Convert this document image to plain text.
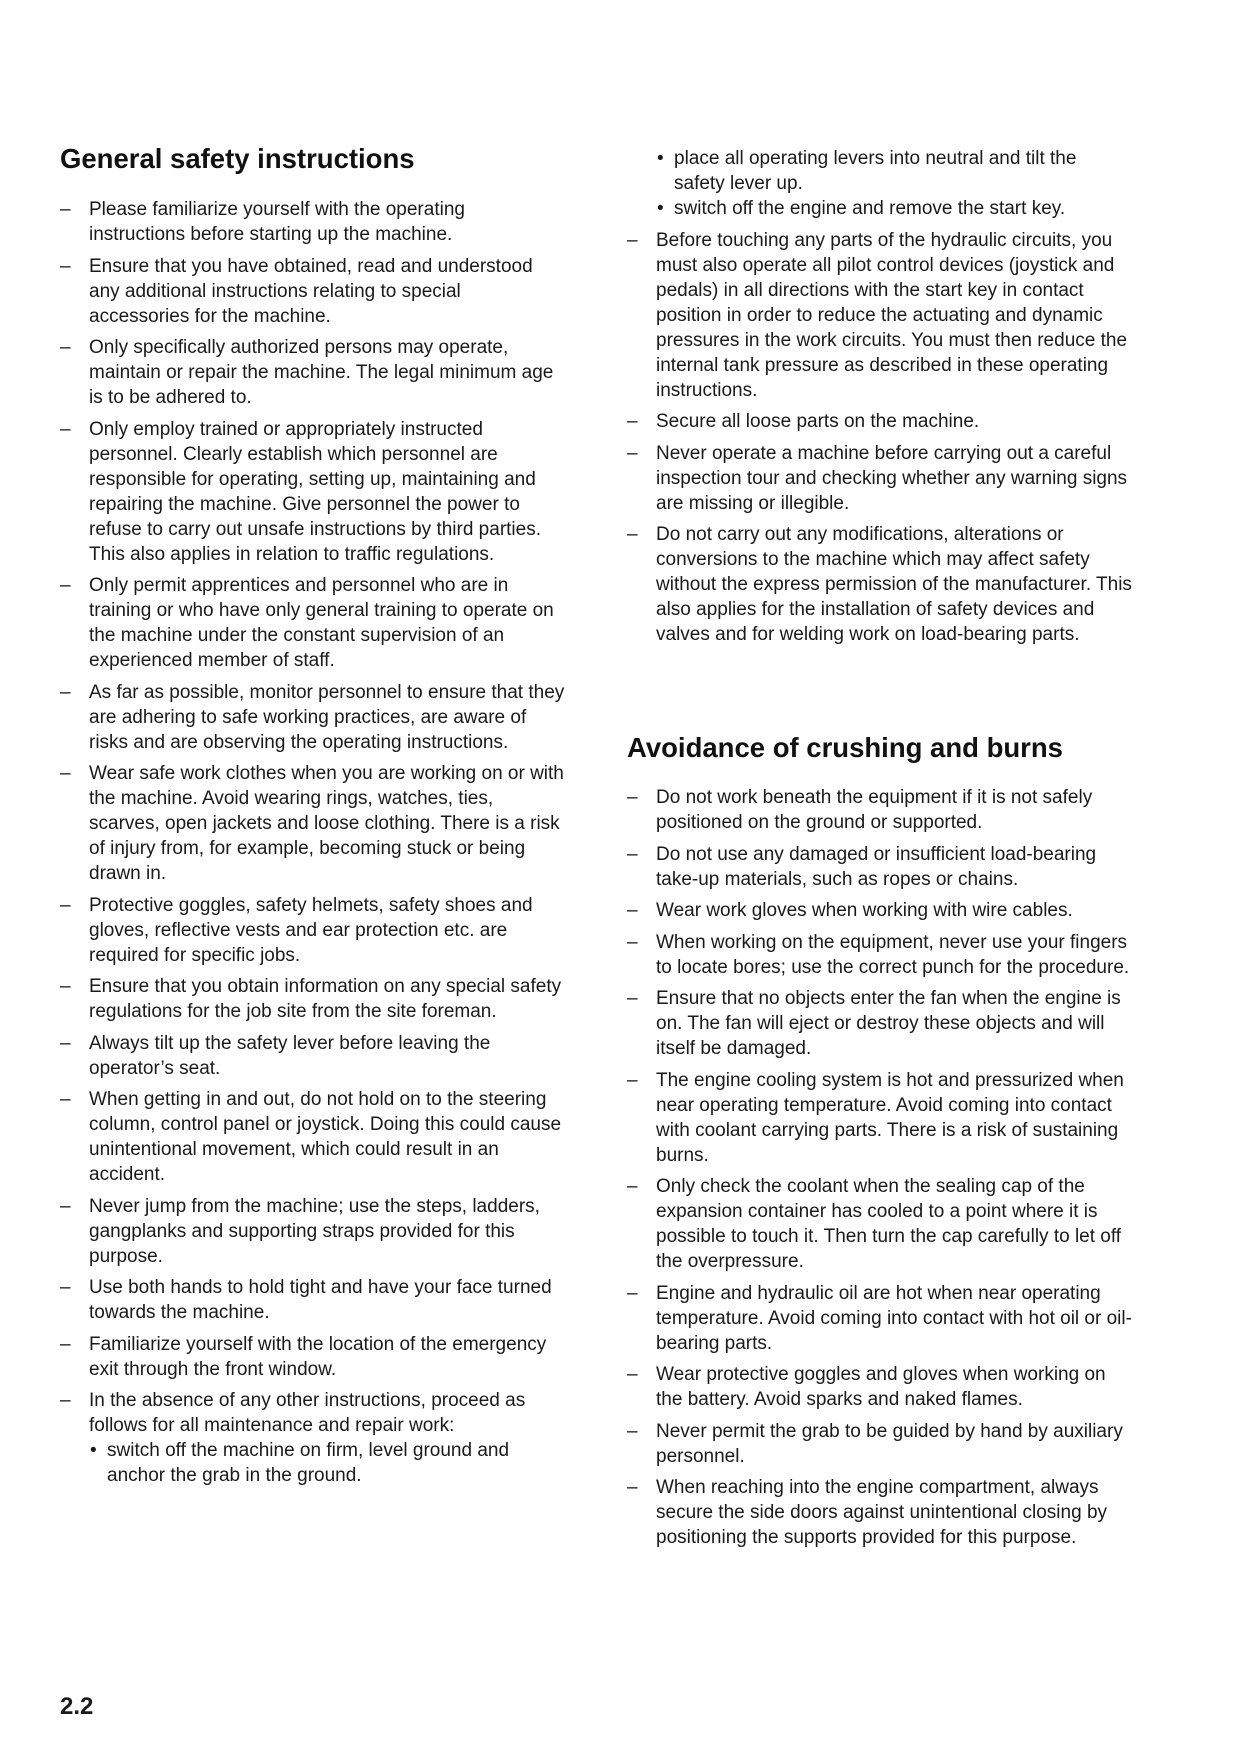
General safety instructions
– Please familiarize yourself with the operating instructions before starting up the machine.
– Ensure that you have obtained, read and understood any additional instructions relating to special accessories for the machine.
– Only specifically authorized persons may operate, maintain or repair the machine. The legal minimum age is to be adhered to.
– Only employ trained or appropriately instructed personnel. Clearly establish which personnel are responsible for operating, setting up, maintaining and repairing the machine. Give personnel the power to refuse to carry out unsafe instructions by third parties. This also applies in relation to traffic regulations.
– Only permit apprentices and personnel who are in training or who have only general training to operate on the machine under the constant supervision of an experienced member of staff.
– As far as possible, monitor personnel to ensure that they are adhering to safe working practices, are aware of risks and are observing the operating instructions.
– Wear safe work clothes when you are working on or with the machine. Avoid wearing rings, watches, ties, scarves, open jackets and loose clothing. There is a risk of injury from, for example, becoming stuck or being drawn in.
– Protective goggles, safety helmets, safety shoes and gloves, reflective vests and ear protection etc. are required for specific jobs.
– Ensure that you obtain information on any special safety regulations for the job site from the site foreman.
– Always tilt up the safety lever before leaving the operator’s seat.
– When getting in and out, do not hold on to the steering column, control panel or joystick. Doing this could cause unintentional movement, which could result in an accident.
– Never jump from the machine; use the steps, ladders, gangplanks and supporting straps provided for this purpose.
– Use both hands to hold tight and have your face turned towards the machine.
– Familiarize yourself with the location of the emergency exit through the front window.
– In the absence of any other instructions, proceed as follows for all maintenance and repair work:
• switch off the machine on firm, level ground and anchor the grab in the ground.
• place all operating levers into neutral and tilt the safety lever up.
• switch off the engine and remove the start key.
– Before touching any parts of the hydraulic circuits, you must also operate all pilot control devices (joystick and pedals) in all directions with the start key in contact position in order to reduce the actuating and dynamic pressures in the work circuits. You must then reduce the internal tank pressure as described in these operating instructions.
– Secure all loose parts on the machine.
– Never operate a machine before carrying out a careful inspection tour and checking whether any warning signs are missing or illegible.
– Do not carry out any modifications, alterations or conversions to the machine which may affect safety without the express permission of the manufacturer. This also applies for the installation of safety devices and valves and for welding work on load-bearing parts.
Avoidance of crushing and burns
– Do not work beneath the equipment if it is not safely positioned on the ground or supported.
– Do not use any damaged or insufficient load-bearing take-up materials, such as ropes or chains.
– Wear work gloves when working with wire cables.
– When working on the equipment, never use your fingers to locate bores; use the correct punch for the procedure.
– Ensure that no objects enter the fan when the engine is on. The fan will eject or destroy these objects and will itself be damaged.
– The engine cooling system is hot and pressurized when near operating temperature. Avoid coming into contact with coolant carrying parts. There is a risk of sustaining burns.
– Only check the coolant when the sealing cap of the expansion container has cooled to a point where it is possible to touch it. Then turn the cap carefully to let off the overpressure.
– Engine and hydraulic oil are hot when near operating temperature. Avoid coming into contact with hot oil or oil-bearing parts.
– Wear protective goggles and gloves when working on the battery. Avoid sparks and naked flames.
– Never permit the grab to be guided by hand by auxiliary personnel.
– When reaching into the engine compartment, always secure the side doors against unintentional closing by positioning the supports provided for this purpose.
2.2
